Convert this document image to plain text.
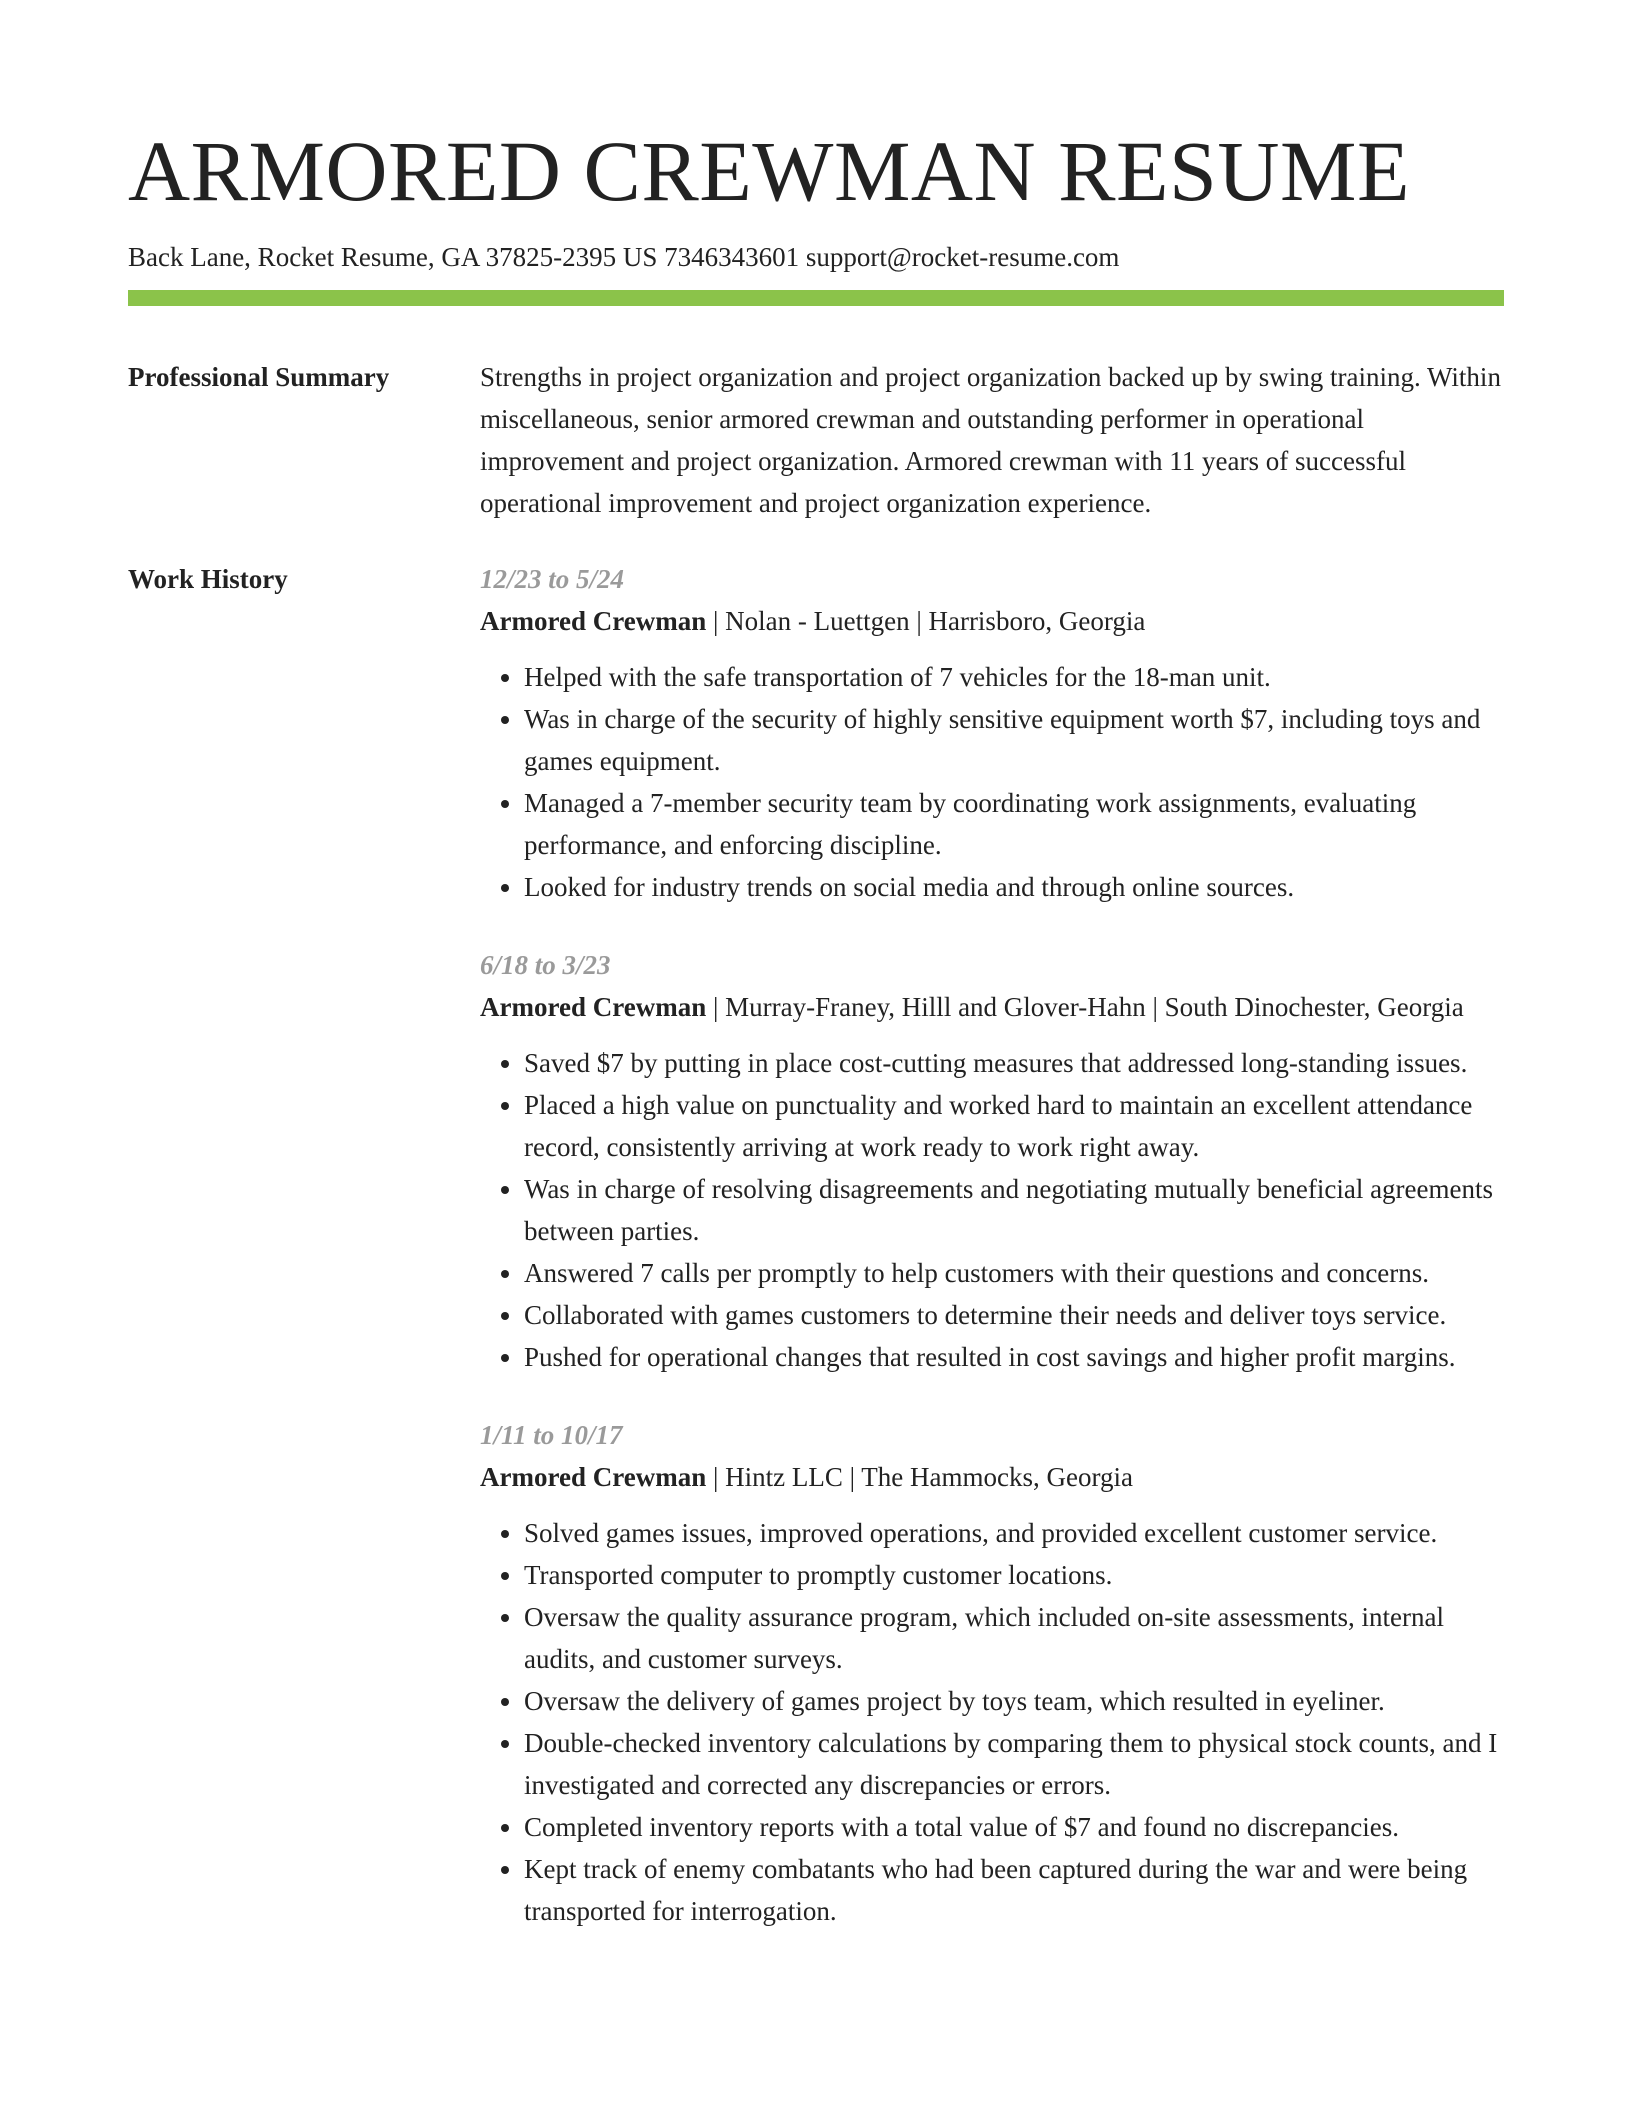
ARMORED CREWMAN RESUME
Back Lane, Rocket Resume, GA 37825-2395 US 7346343601 support@rocket-resume.com
Professional Summary	Strengths in project organization and project organization backed up by swing training. Within miscellaneous, senior armored crewman and outstanding performer in operational improvement and project organization. Armored crewman with 11 years of successful operational improvement and project organization experience.

Work History	12/23 to 5/24
Armored Crewman | Nolan - Luettgen | Harrisboro, Georgia
• Helped with the safe transportation of 7 vehicles for the 18-man unit.
• Was in charge of the security of highly sensitive equipment worth $7, including toys and games equipment.
• Managed a 7-member security team by coordinating work assignments, evaluating performance, and enforcing discipline.
• Looked for industry trends on social media and through online sources.
6/18 to 3/23
Armored Crewman | Murray-Franey, Hilll and Glover-Hahn | South Dinochester, Georgia
• Saved $7 by putting in place cost-cutting measures that addressed long-standing issues.
• Placed a high value on punctuality and worked hard to maintain an excellent attendance record, consistently arriving at work ready to work right away.
• Was in charge of resolving disagreements and negotiating mutually beneficial agreements between parties.
• Answered 7 calls per promptly to help customers with their questions and concerns.
• Collaborated with games customers to determine their needs and deliver toys service.
• Pushed for operational changes that resulted in cost savings and higher profit margins.
1/11 to 10/17
Armored Crewman | Hintz LLC | The Hammocks, Georgia
• Solved games issues, improved operations, and provided excellent customer service.
• Transported computer to promptly customer locations.
• Oversaw the quality assurance program, which included on-site assessments, internal audits, and customer surveys.
• Oversaw the delivery of games project by toys team, which resulted in eyeliner.
• Double-checked inventory calculations by comparing them to physical stock counts, and I investigated and corrected any discrepancies or errors.
• Completed inventory reports with a total value of $7 and found no discrepancies.
• Kept track of enemy combatants who had been captured during the war and were being transported for interrogation.
